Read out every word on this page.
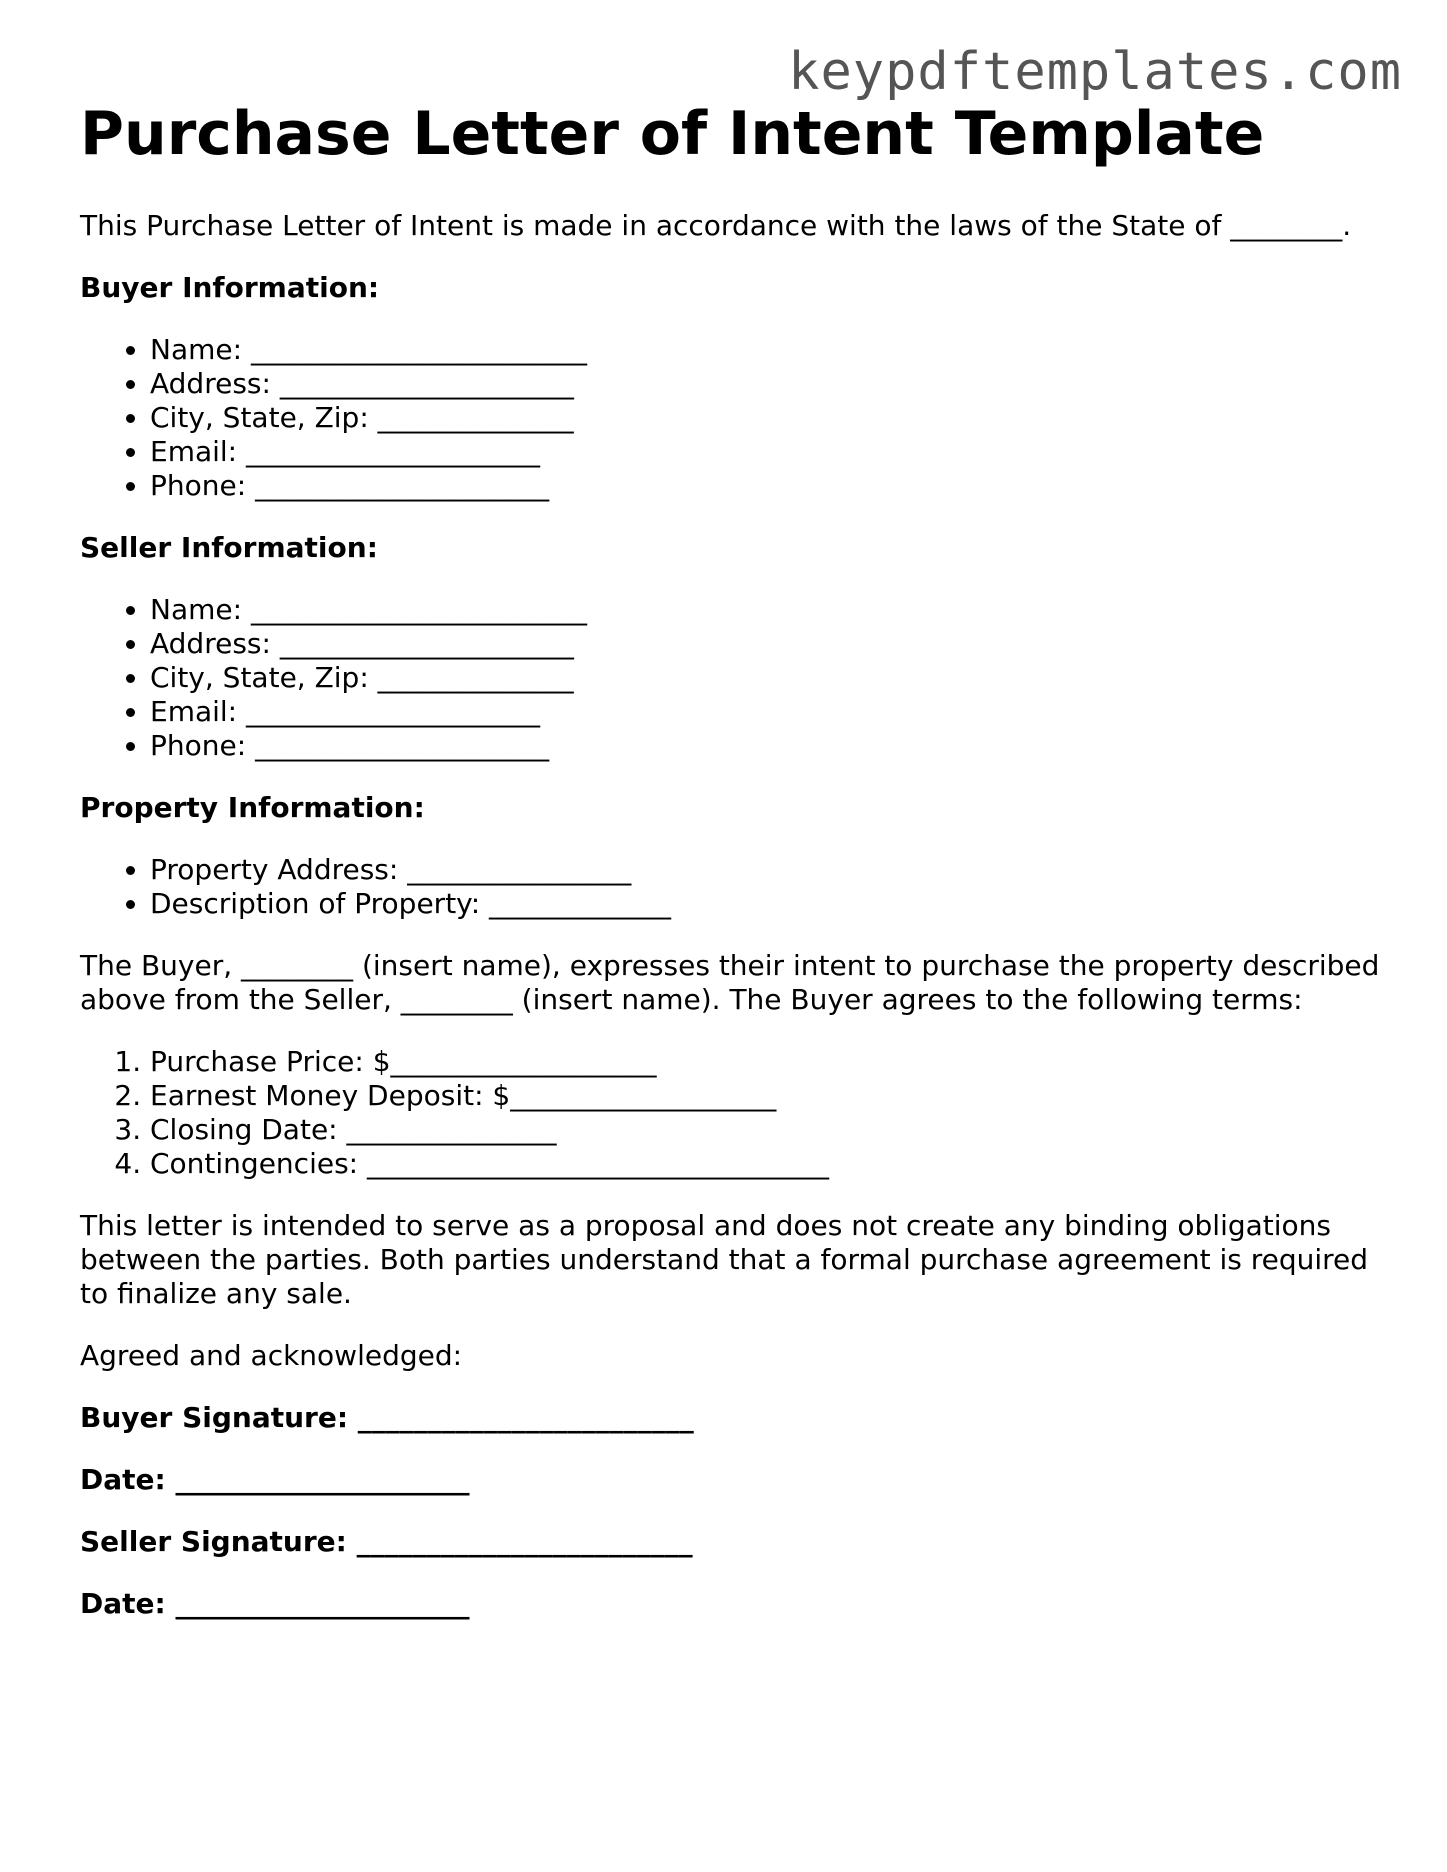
keypdftemplates.com
Purchase Letter of Intent Template

This Purchase Letter of Intent is made in accordance with the laws of the State of ________.

Buyer Information:

• Name: ________________________
• Address: _____________________
• City, State, Zip: ______________
• Email: _____________________
• Phone: _____________________

Seller Information:

• Name: ________________________
• Address: _____________________
• City, State, Zip: ______________
• Email: _____________________
• Phone: _____________________

Property Information:

• Property Address: ________________
• Description of Property: _____________

The Buyer, ________ (insert name), expresses their intent to purchase the property described above from the Seller, ________ (insert name). The Buyer agrees to the following terms:

1. Purchase Price: $___________________
2. Earnest Money Deposit: $___________________
3. Closing Date: _______________
4. Contingencies: _________________________________

This letter is intended to serve as a proposal and does not create any binding obligations between the parties. Both parties understand that a formal purchase agreement is required to finalize any sale.

Agreed and acknowledged:

Buyer Signature: ________________________

Date: _____________________

Seller Signature: ________________________

Date: _____________________
